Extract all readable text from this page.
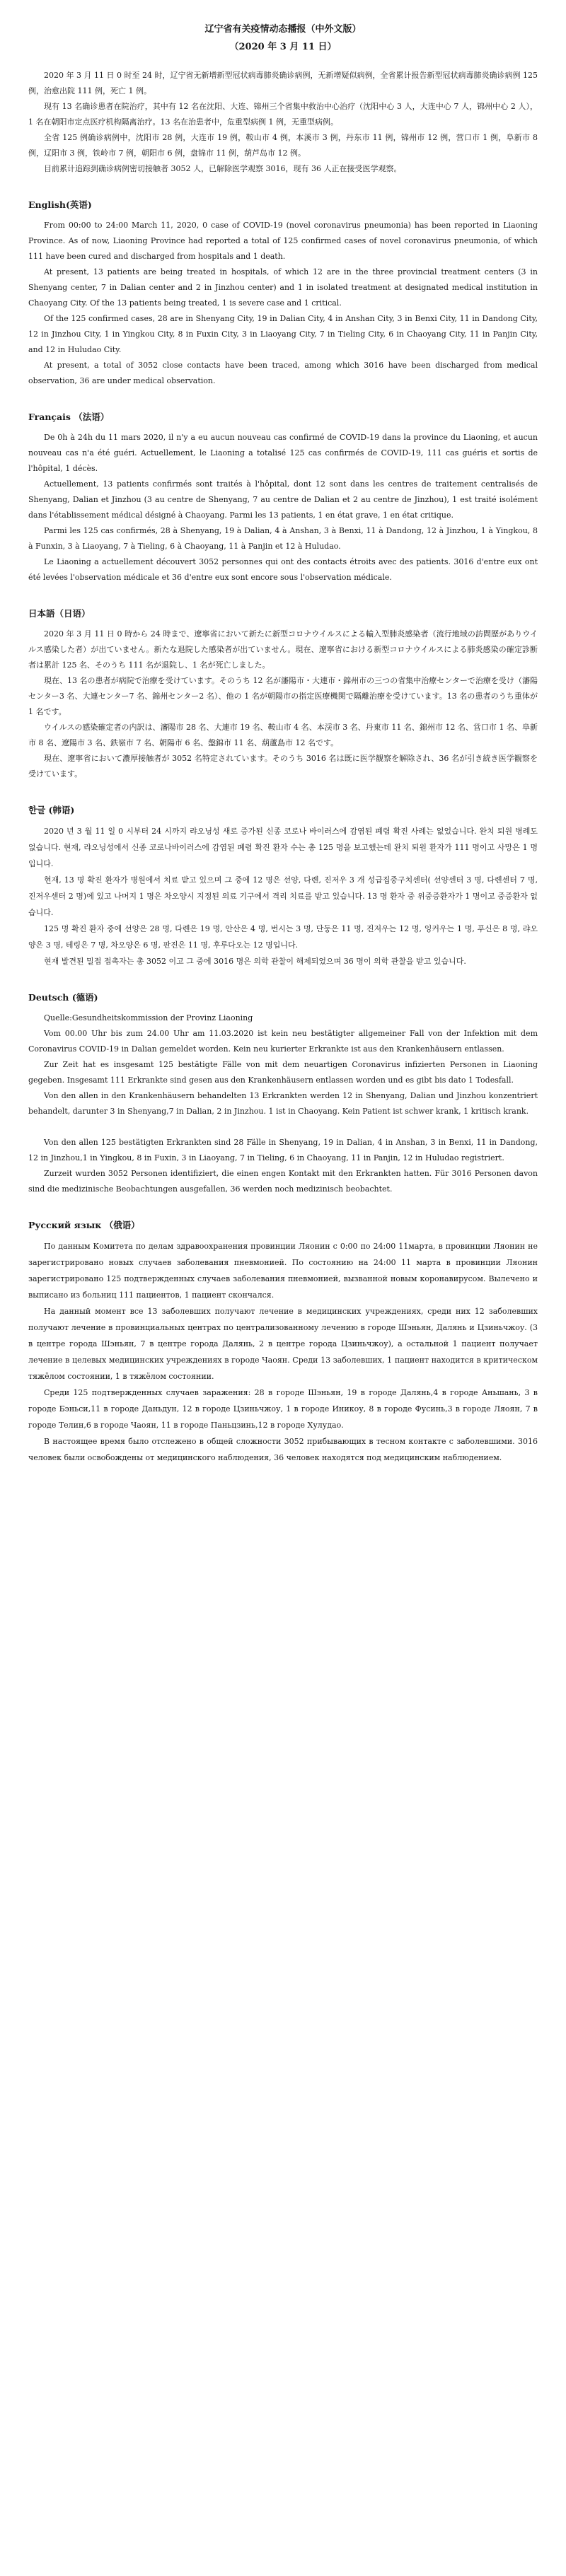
辽宁省有关疫情动态播报（中外文版）

（2020 年 3 月 11 日）

2020 年 3 月 11 日 0 时至 24 时，辽宁省无新增新型冠状病毒肺炎确诊病例，无新增疑似病例，全省累计报告新型冠状病毒肺炎确诊病例 125 例，治愈出院 111 例，死亡 1 例。

现有 13 名确诊患者在院治疗，其中有 12 名在沈阳、大连、锦州三个省集中救治中心治疗（沈阳中心 3 人，大连中心 7 人，锦州中心 2 人），1 名在朝阳市定点医疗机构隔离治疗。13 名在治患者中，危重型病例 1 例，无重型病例。

全省 125 例确诊病例中，沈阳市 28 例，大连市 19 例，鞍山市 4 例，本溪市 3 例，丹东市 11 例，锦州市 12 例，营口市 1 例，阜新市 8 例，辽阳市 3 例，铁岭市 7 例，朝阳市 6 例，盘锦市 11 例，葫芦岛市 12 例。

目前累计追踪到确诊病例密切接触者 3052 人，已解除医学观察 3016，现有 36 人正在接受医学观察。

English(英语)

From 00:00 to 24:00 March 11, 2020, 0 case of COVID-19 (novel coronavirus pneumonia) has been reported in Liaoning Province. As of now, Liaoning Province had reported a total of 125 confirmed cases of novel coronavirus pneumonia, of which 111 have been cured and discharged from hospitals and 1 death.

At present, 13 patients are being treated in hospitals, of which 12 are in the three provincial treatment centers (3 in Shenyang center, 7 in Dalian center and 2 in Jinzhou center) and 1 in isolated treatment at designated medical institution in Chaoyang City. Of the 13 patients being treated, 1 is severe case and 1 critical.

Of the 125 confirmed cases, 28 are in Shenyang City, 19 in Dalian City, 4 in Anshan City, 3 in Benxi City, 11 in Dandong City, 12 in Jinzhou City, 1 in Yingkou City, 8 in Fuxin City, 3 in Liaoyang City, 7 in Tieling City, 6 in Chaoyang City, 11 in Panjin City, and 12 in Huludao City.

At present, a total of 3052 close contacts have been traced, among which 3016 have been discharged from medical observation, 36 are under medical observation.

Français （法语）

De 0h à 24h du 11 mars 2020, il n'y a eu aucun nouveau cas confirmé de COVID-19 dans la province du Liaoning, et aucun nouveau cas n'a été guéri. Actuellement, le Liaoning a totalisé 125 cas confirmés de COVID-19, 111 cas guéris et sortis de l'hôpital, 1 décès.

Actuellement, 13 patients confirmés sont traités à l'hôpital, dont 12 sont dans les centres de traitement centralisés de Shenyang, Dalian et Jinzhou (3 au centre de Shenyang, 7 au centre de Dalian et 2 au centre de Jinzhou), 1 est traité isolément dans l'établissement médical désigné à Chaoyang. Parmi les 13 patients, 1 en état grave, 1 en état critique.

Parmi les 125 cas confirmés, 28 à Shenyang, 19 à Dalian, 4 à Anshan, 3 à Benxi, 11 à Dandong, 12 à Jinzhou, 1 à Yingkou, 8 à Funxin, 3 à Liaoyang, 7 à Tieling, 6 à Chaoyang, 11 à Panjin et 12 à Huludao.

Le Liaoning a actuellement découvert 3052 personnes qui ont des contacts étroits avec des patients. 3016 d'entre eux ont été levées l'observation médicale et 36 d'entre eux sont encore sous l'observation médicale.

日本語（日语）

2020 年 3 月 11 日 0 時から 24 時まで、遼寧省において新たに新型コロナウイルスによる輸入型肺炎感染者（流行地域の訪問歴がありウイルス感染した者）が出ていません。新たな退院した感染者が出ていません。現在、遼寧省における新型コロナウイルスによる肺炎感染の確定診断者は累計 125 名、そのうち 111 名が退院し、1 名が死亡しました。

現在、13 名の患者が病院で治療を受けています。そのうち 12 名が瀋陽市・大連市・錦州市の三つの省集中治療センターで治療を受け（瀋陽センター3 名、大連センター7 名、錦州センター2 名）、他の 1 名が朝陽市の指定医療機関で隔離治療を受けています。13 名の患者のうち重体が 1 名です。

ウイルスの感染確定者の内訳は、瀋陽市 28 名、大連市 19 名、鞍山市 4 名、本渓市 3 名、丹東市 11 名、錦州市 12 名、営口市 1 名、阜新市 8 名、遼陽市 3 名、鉄嶺市 7 名、朝陽市 6 名、盤錦市 11 名、葫蘆島市 12 名です。

現在、遼寧省において濃厚接触者が 3052 名特定されています。そのうち 3016 名は既に医学観察を解除され、36 名が引き続き医学観察を受けています。

한글 (韩语)

2020 년 3 월 11 일 0 시부터 24 시까지 랴오닝성 새로 증가된 신종 코로나 바이러스에 감염된 폐렴 확진 사례는 없었습니다. 완치 퇴원 병례도 없습니다. 현재, 랴오닝성에서 신종 코로나바이러스에 감염된 폐렴 확진 환자 수는 총 125 명을 보고했는데 완치 퇴원 환자가 111 명이고 사망은 1 명입니다.

현재, 13 명 확진 환자가 병원에서 치료 받고 있으며 그 중에 12 명은 선양, 다롄, 진저우 3 개 성급집중구치센터( 선양센터 3 명, 다롄센터 7 명, 진저우센터 2 명)에 있고 나머지 1 명은 차오양시 지정된 의료 기구에서 격리 치료를 받고 있습니다. 13 명 환자 중 위중증환자가 1 명이고 중증환자 없습니다.

125 명 확진 환자 중에 선양은 28 명, 다롄은 19 명, 안산은 4 명, 번시는 3 명, 단둥은 11 명, 진저우는 12 명, 잉커우는 1 명, 푸신은 8 명, 랴오양은 3 명, 테링은 7 명, 차오양은 6 명, 판진은 11 명, 후루다오는 12 명입니다.

현재 발견된 밀접 접촉자는 총 3052 이고 그 중에 3016 명은 의학 관찰이 해제되었으며 36 명이 의학 관찰을 받고 있습니다.

Deutsch (德语)

Quelle:Gesundheitskommission der Provinz Liaoning

Vom 00.00 Uhr bis zum 24.00 Uhr am 11.03.2020 ist kein neu bestätigter allgemeiner Fall von der Infektion mit dem Coronavirus COVID-19 in Dalian gemeldet worden. Kein neu kurierter Erkrankte ist aus den Krankenhäusern entlassen.

Zur Zeit hat es insgesamt 125 bestätigte Fälle von mit dem neuartigen Coronavirus infizierten Personen in Liaoning gegeben. Insgesamt 111 Erkrankte sind gesen aus den Krankenhäusern entlassen worden und es gibt bis dato 1 Todesfall.

Von den allen in den Krankenhäusern behandelten 13 Erkrankten werden 12 in Shenyang, Dalian und Jinzhou konzentriert behandelt, darunter 3 in Shenyang,7 in Dalian, 2 in Jinzhou. 1 ist in Chaoyang. Kein Patient ist schwer krank, 1 kritisch krank.

Von den allen 125 bestätigten Erkrankten sind 28 Fälle in Shenyang, 19 in Dalian, 4 in Anshan, 3 in Benxi, 11 in Dandong, 12 in Jinzhou,1 in Yingkou, 8 in Fuxin, 3 in Liaoyang, 7 in Tieling, 6 in Chaoyang, 11 in Panjin, 12 in Huludao registriert.

Zurzeit wurden 3052 Personen identifiziert, die einen engen Kontakt mit den Erkrankten hatten. Für 3016 Personen davon sind die medizinische Beobachtungen ausgefallen, 36 werden noch medizinisch beobachtet.

Русский язык （俄语）

По данным Комитета по делам здравоохранения провинции Ляонин с 0:00 по 24:00 11марта, в провинции Ляонин не зарегистрировано новых случаев заболевания пневмонией. По состоянию на 24:00 11 марта в провинции Ляонин зарегистрировано 125 подтвержденных случаев заболевания пневмонией, вызванной новым коронавирусом. Вылечено и выписано из больниц 111 пациентов, 1 пациент скончался.

На данный момент все 13 заболевших получают лечение в медицинских учреждениях, среди них 12 заболевших получают лечение в провинциальных центрах по централизованному лечению в городе Шэньян, Далянь и Цзиньчжоу. (3 в центре города Шэньян, 7 в центре города Далянь, 2 в центре города Цзиньчжоу), а остальной 1 пациент получает лечение в целевых медицинских учреждениях в городе Чаоян. Среди 13 заболевших, 1 пациент находится в критическом тяжёлом состоянии, 1 в тяжёлом состоянии.

Среди 125 подтвержденных случаев заражения: 28 в городе Шэньян, 19 в городе Далянь,4 в городе Аньшань, 3 в городе Бэньси,11 в городе Даньдун, 12 в городе Цзиньчжоу, 1 в городе Иникоу, 8 в городе Фусинь,3 в городе Ляоян, 7 в городе Телин,6 в городе Чаоян, 11 в городе Паньцзинь,12 в городе Хулудао.

В настоящее время было отслежено в общей сложности 3052 прибывающих в тесном контакте с заболевшими. 3016 человек были освобождены от медицинского наблюдения, 36 человек находятся под медицинским наблюдением.
